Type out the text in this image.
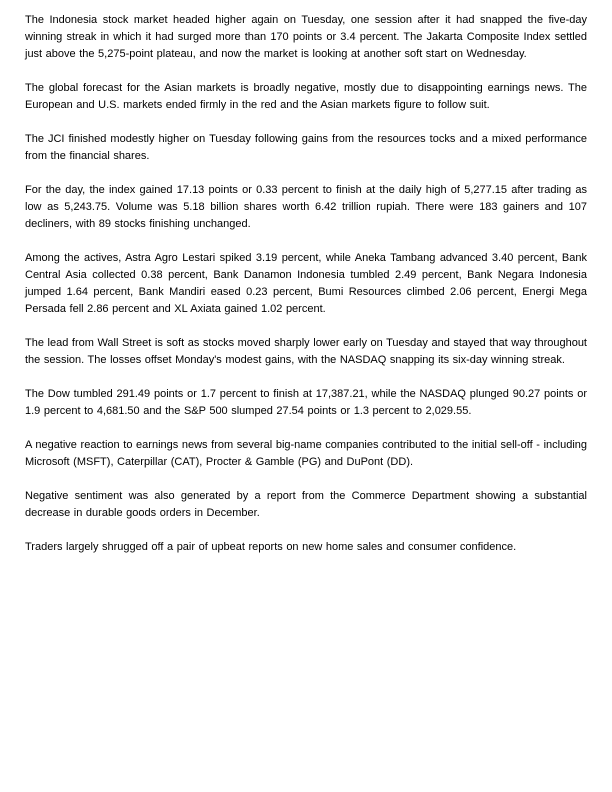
The Indonesia stock market headed higher again on Tuesday, one session after it had snapped the five-day winning streak in which it had surged more than 170 points or 3.4 percent. The Jakarta Composite Index settled just above the 5,275-point plateau, and now the market is looking at another soft start on Wednesday.

The global forecast for the Asian markets is broadly negative, mostly due to disappointing earnings news. The European and U.S. markets ended firmly in the red and the Asian markets figure to follow suit.

The JCI finished modestly higher on Tuesday following gains from the resources tocks and a mixed performance from the financial shares.

For the day, the index gained 17.13 points or 0.33 percent to finish at the daily high of 5,277.15 after trading as low as 5,243.75. Volume was 5.18 billion shares worth 6.42 trillion rupiah. There were 183 gainers and 107 decliners, with 89 stocks finishing unchanged.

Among the actives, Astra Agro Lestari spiked 3.19 percent, while Aneka Tambang advanced 3.40 percent, Bank Central Asia collected 0.38 percent, Bank Danamon Indonesia tumbled 2.49 percent, Bank Negara Indonesia jumped 1.64 percent, Bank Mandiri eased 0.23 percent, Bumi Resources climbed 2.06 percent, Energi Mega Persada fell 2.86 percent and XL Axiata gained 1.02 percent.

The lead from Wall Street is soft as stocks moved sharply lower early on Tuesday and stayed that way throughout the session. The losses offset Monday's modest gains, with the NASDAQ snapping its six-day winning streak.

The Dow tumbled 291.49 points or 1.7 percent to finish at 17,387.21, while the NASDAQ plunged 90.27 points or 1.9 percent to 4,681.50 and the S&P 500 slumped 27.54 points or 1.3 percent to 2,029.55.

A negative reaction to earnings news from several big-name companies contributed to the initial sell-off - including Microsoft (MSFT), Caterpillar (CAT), Procter & Gamble (PG) and DuPont (DD).

Negative sentiment was also generated by a report from the Commerce Department showing a substantial decrease in durable goods orders in December.

Traders largely shrugged off a pair of upbeat reports on new home sales and consumer confidence.
